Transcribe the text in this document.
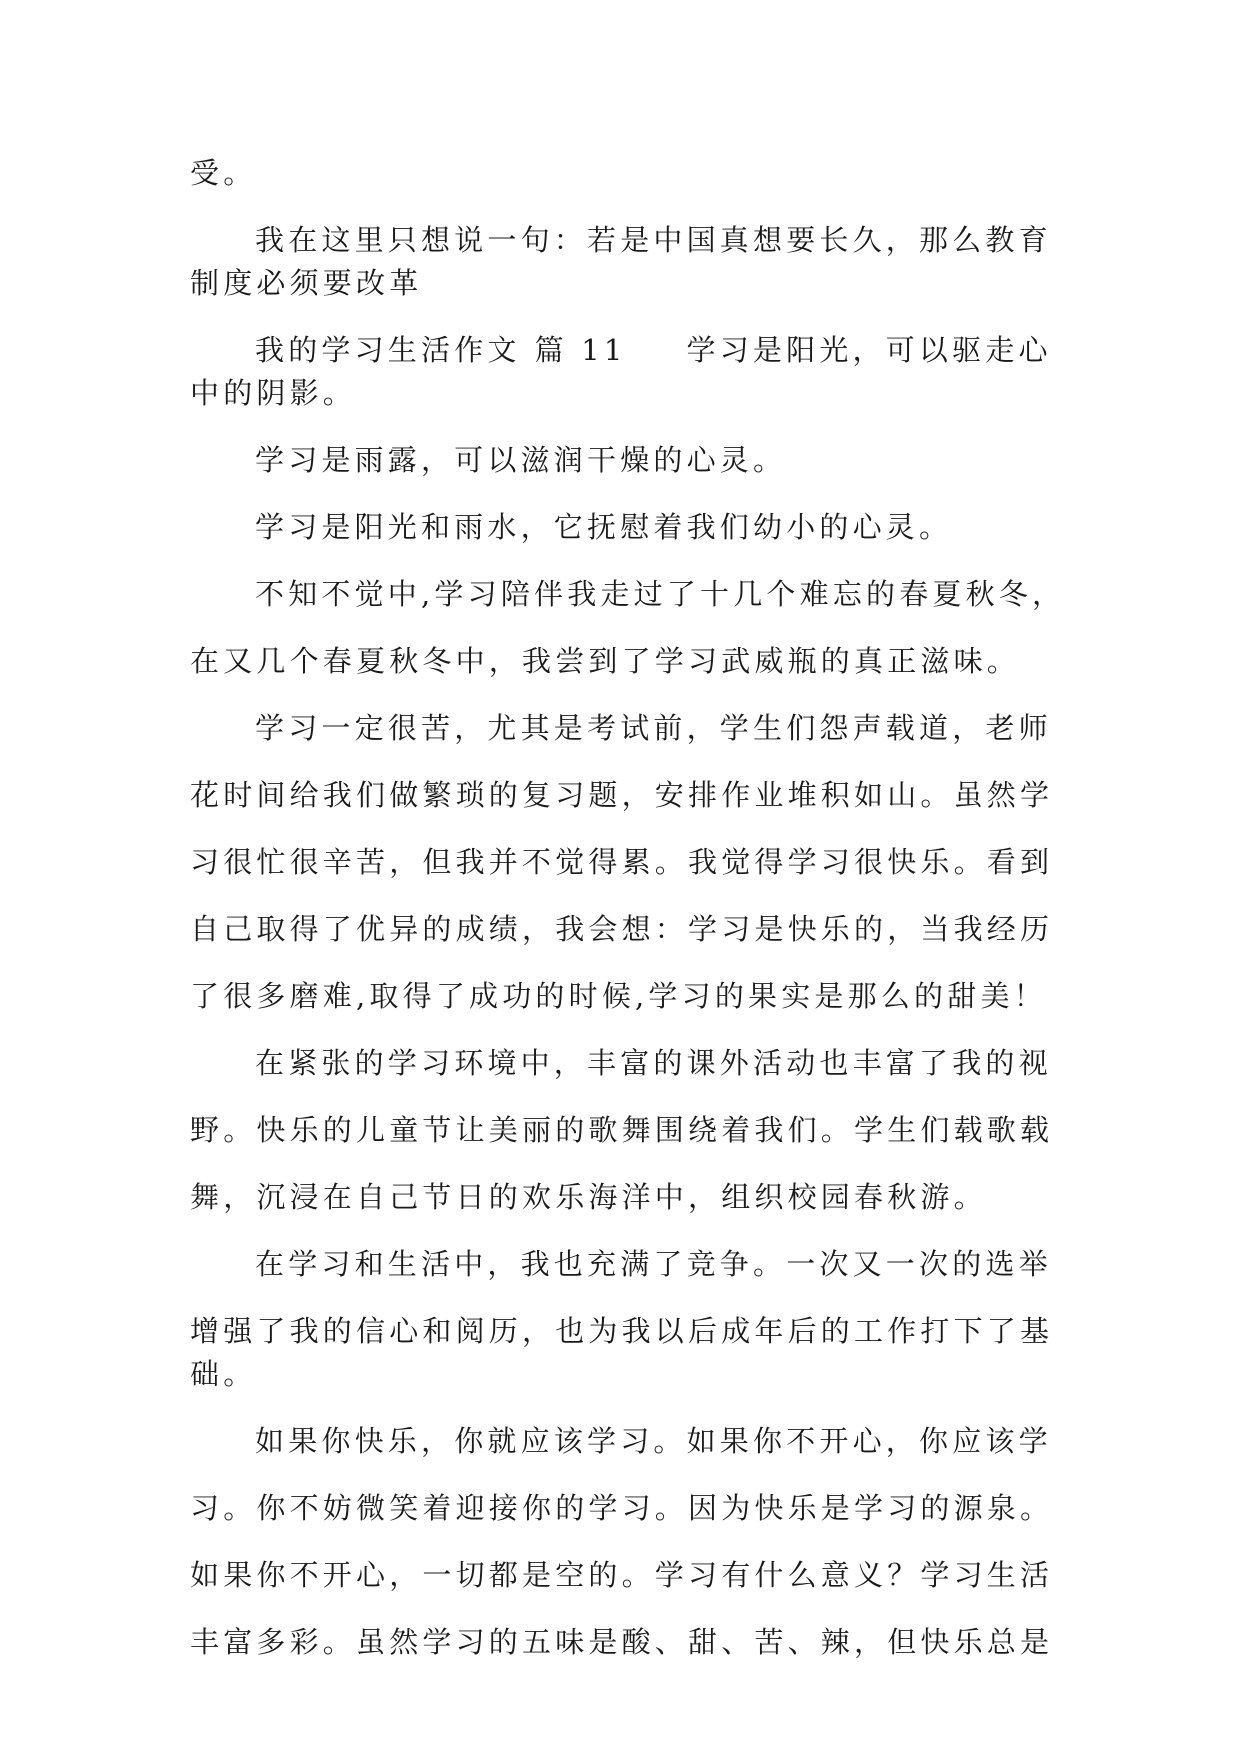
受。
我在这里只想说一句：若是中国真想要长久，那么教育
制度必须要改革
我的学习生活作文 篇 11 学习是阳光，可以驱走心
中的阴影。
学习是雨露，可以滋润干燥的心灵。
学习是阳光和雨水，它抚慰着我们幼小的心灵。
不知不觉中,学习陪伴我走过了十几个难忘的春夏秋冬，
在又几个春夏秋冬中，我尝到了学习武威瓶的真正滋味。
学习一定很苦，尤其是考试前，学生们怨声载道，老师
花时间给我们做繁琐的复习题，安排作业堆积如山。虽然学
习很忙很辛苦，但我并不觉得累。我觉得学习很快乐。看到
自己取得了优异的成绩，我会想：学习是快乐的，当我经历
了很多磨难,取得了成功的时候,学习的果实是那么的甜美！
在紧张的学习环境中，丰富的课外活动也丰富了我的视
野。快乐的儿童节让美丽的歌舞围绕着我们。学生们载歌载
舞，沉浸在自己节日的欢乐海洋中，组织校园春秋游。
在学习和生活中，我也充满了竞争。一次又一次的选举
增强了我的信心和阅历，也为我以后成年后的工作打下了基
础。
如果你快乐，你就应该学习。如果你不开心，你应该学
习。你不妨微笑着迎接你的学习。因为快乐是学习的源泉。
如果你不开心，一切都是空的。学习有什么意义？学习生活
丰富多彩。虽然学习的五味是酸、甜、苦、辣，但快乐总是
